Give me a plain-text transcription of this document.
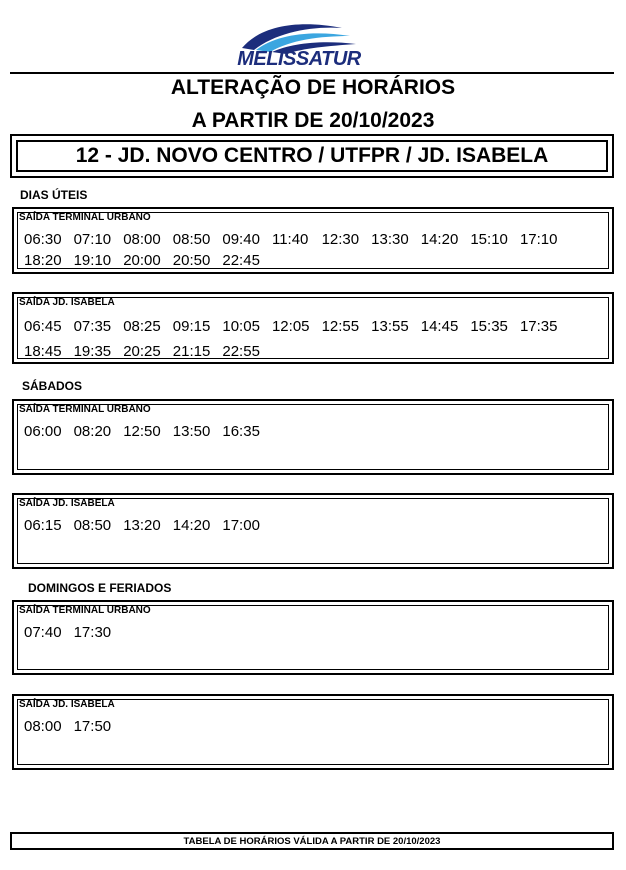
MELISSATUR
ALTERAÇÃO DE HORÁRIOS
A PARTIR DE 20/10/2023
12 - JD. NOVO CENTRO / UTFPR / JD. ISABELA
DIAS ÚTEIS
SAÍDA TERMINAL URBANO
06:30 07:10 08:00 08:50 09:40 11:40 12:30 13:30 14:20 15:10 17:10
18:20 19:10 20:00 20:50 22:45
SAÍDA JD. ISABELA
06:45 07:35 08:25 09:15 10:05 12:05 12:55 13:55 14:45 15:35 17:35
18:45 19:35 20:25 21:15 22:55
SÁBADOS
SAÍDA TERMINAL URBANO
06:00 08:20 12:50 13:50 16:35
SAÍDA JD. ISABELA
06:15 08:50 13:20 14:20 17:00
DOMINGOS E FERIADOS
SAÍDA TERMINAL URBANO
07:40 17:30
SAÍDA JD. ISABELA
08:00 17:50
TABELA DE HORÁRIOS VÁLIDA A PARTIR DE 20/10/2023
